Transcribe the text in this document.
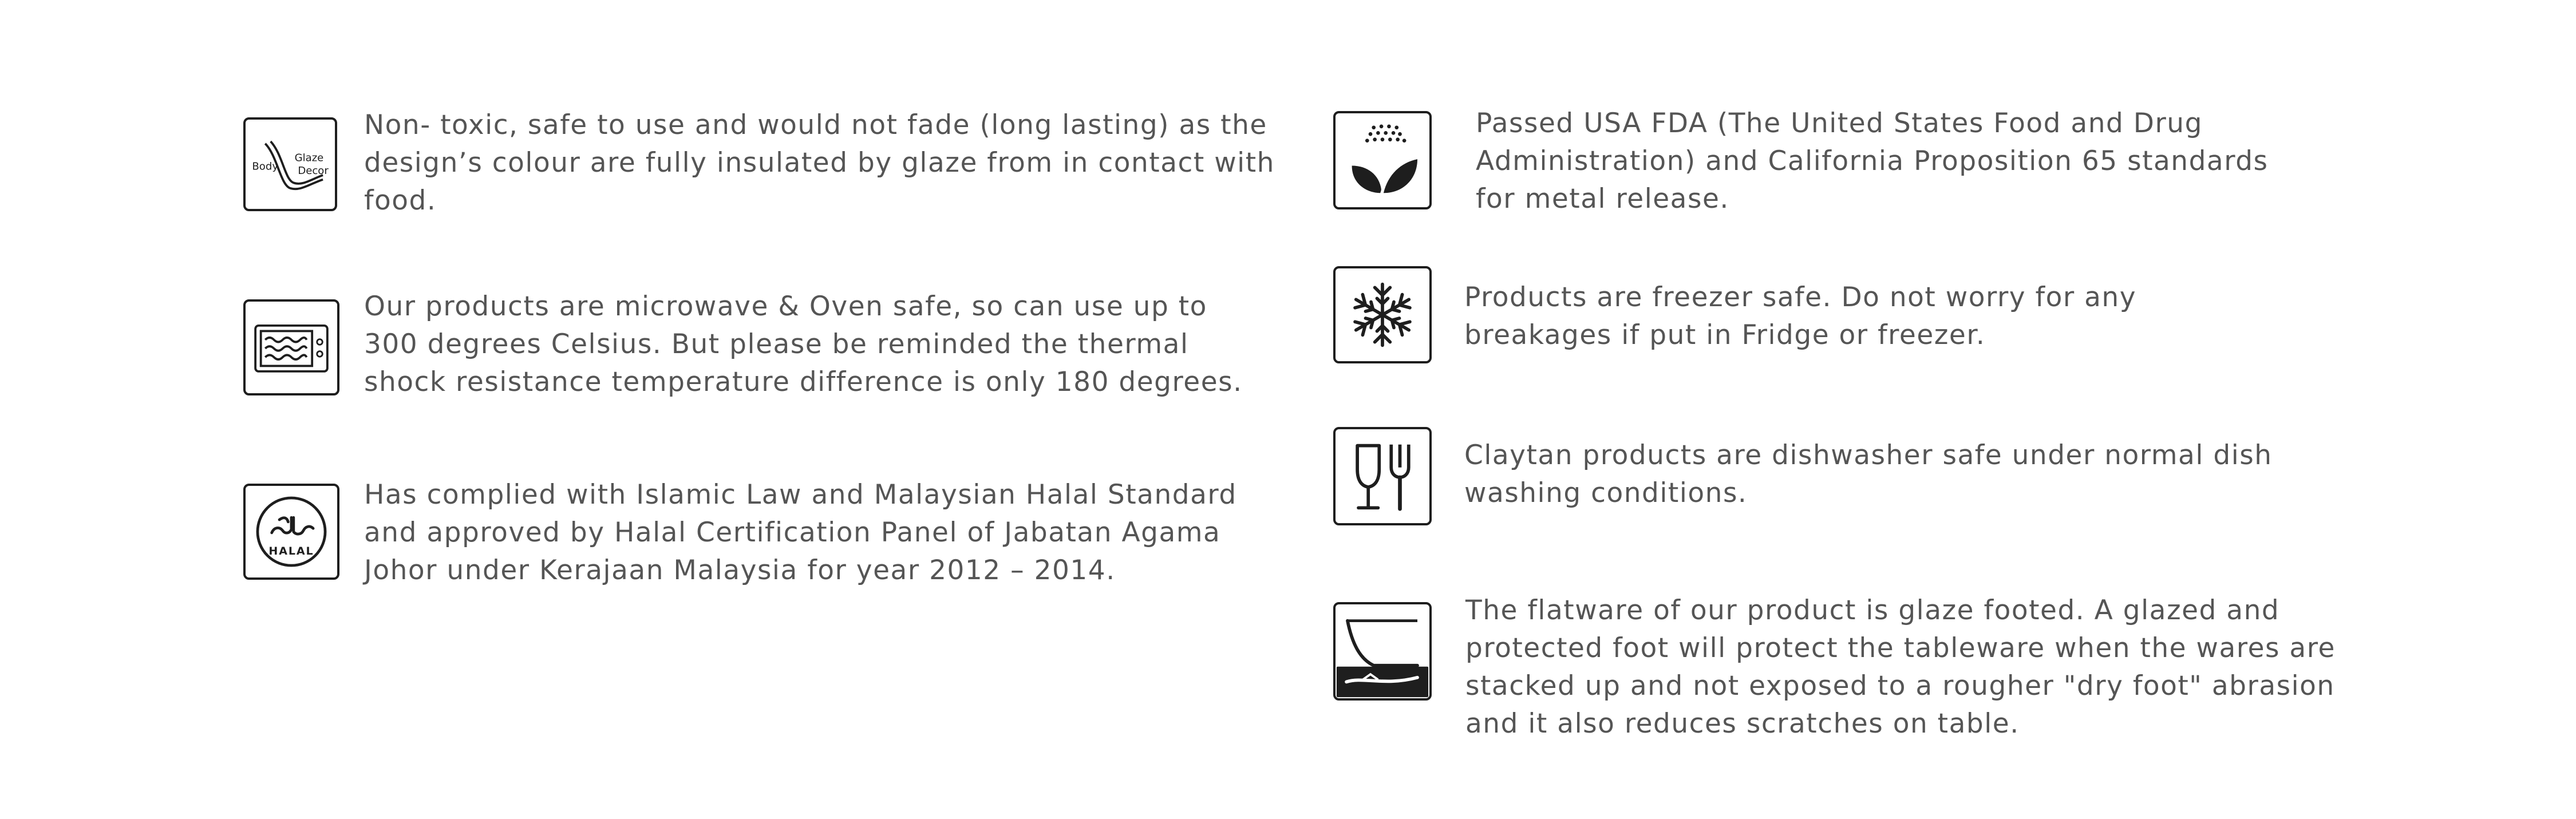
Body
Glaze
Decor
Non- toxic, safe to use and would not fade (long lasting) as the
design’s colour are fully insulated by glaze from in contact with
food.
Our products are microwave & Oven safe, so can use up to
300 degrees Celsius. But please be reminded the thermal
shock resistance temperature difference is only 180 degrees.
HALAL
Has complied with Islamic Law and Malaysian Halal Standard
and approved by Halal Certification Panel of Jabatan Agama
Johor under Kerajaan Malaysia for year 2012 – 2014.
Passed USA FDA (The United States Food and Drug
Administration) and California Proposition 65 standards
for metal release.
Products are freezer safe. Do not worry for any
breakages if put in Fridge or freezer.
Claytan products are dishwasher safe under normal dish
washing conditions.
The flatware of our product is glaze footed. A glazed and
protected foot will protect the tableware when the wares are
stacked up and not exposed to a rougher "dry foot" abrasion
and it also reduces scratches on table.
